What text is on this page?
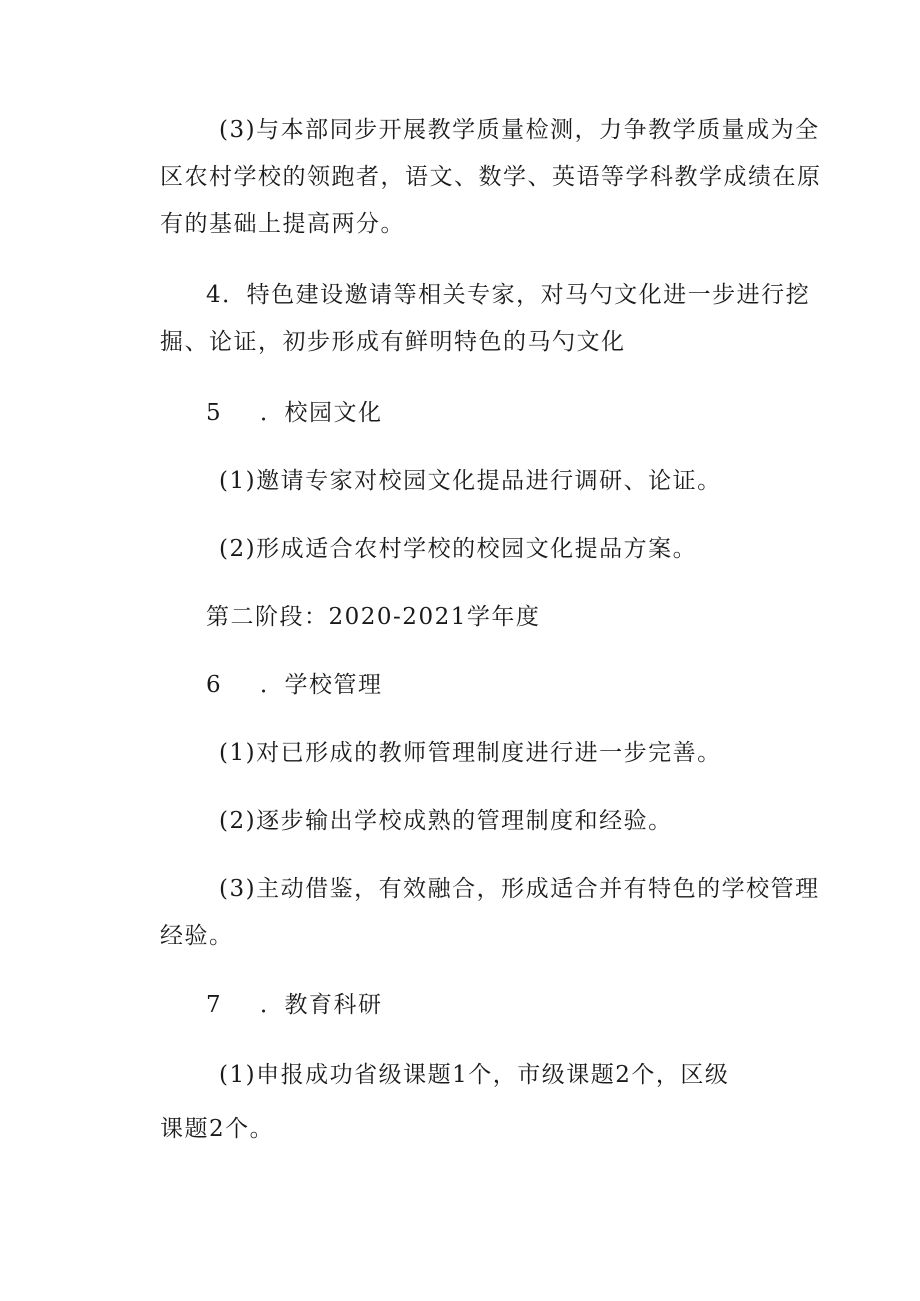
(3)与本部同步开展教学质量检测，力争教学质量成为全
区农村学校的领跑者，语文、数学、英语等学科教学成绩在原
有的基础上提高两分。
4．特色建设邀请等相关专家，对马勺文化进一步进行挖
掘、论证，初步形成有鲜明特色的马勺文化
5 ．校园文化
(1)邀请专家对校园文化提品进行调研、论证。
(2)形成适合农村学校的校园文化提品方案。
第二阶段：2020-2021学年度
6 ．学校管理
(1)对已形成的教师管理制度进行进一步完善。
(2)逐步输出学校成熟的管理制度和经验。
(3)主动借鉴，有效融合，形成适合并有特色的学校管理
经验。
7 ．教育科研
(1)申报成功省级课题1个，市级课题2个，区级
课题2个。
